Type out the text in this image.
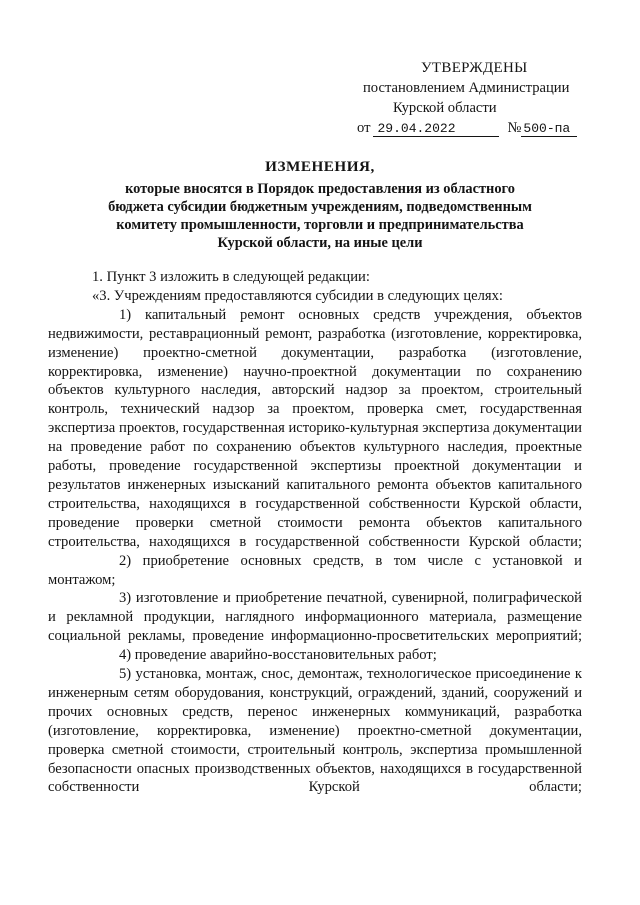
УТВЕРЖДЕНЫ
постановлением Администрации
Курской области
от 29.04.2022	№ 500-па
ИЗМЕНЕНИЯ,
которые вносятся в Порядок предоставления из областного
бюджета субсидии бюджетным учреждениям, подведомственным
комитету промышленности, торговли и предпринимательства
Курской области, на иные цели

1. Пункт 3 изложить в следующей редакции:

«3. Учреждениям предоставляются субсидии в следующих целях:

1) капитальный ремонт основных средств учреждения, объектов недвижимости, реставрационный ремонт, разработка (изготовление, корректировка, изменение) проектно-сметной документации, разработка (изготовление, корректировка, изменение) научно-проектной документации по сохранению объектов культурного наследия, авторский надзор за проектом, строительный контроль, технический надзор за проектом, проверка смет, государственная экспертиза проектов, государственная историко-культурная экспертиза документации на проведение работ по сохранению объектов культурного наследия, проектные работы, проведение государственной экспертизы проектной документации и результатов инженерных изысканий капитального ремонта объектов капитального строительства, находящихся в государственной собственности Курской области, проведение проверки сметной стоимости ремонта объектов капитального строительства, находящихся в государственной собственности Курской области;

2) приобретение основных средств, в том числе с установкой и монтажом;

3) изготовление и приобретение печатной, сувенирной, полиграфической и рекламной продукции, наглядного информационного материала, размещение социальной рекламы, проведение информационно-просветительских мероприятий;

4) проведение аварийно-восстановительных работ;

5) установка, монтаж, снос, демонтаж, технологическое присоединение к инженерным сетям оборудования, конструкций, ограждений, зданий, сооружений и прочих основных средств, перенос инженерных коммуникаций, разработка (изготовление, корректировка, изменение) проектно-сметной документации, проверка сметной стоимости, строительный контроль, экспертиза промышленной безопасности опасных производственных объектов, находящихся в государственной собственности Курской области;
